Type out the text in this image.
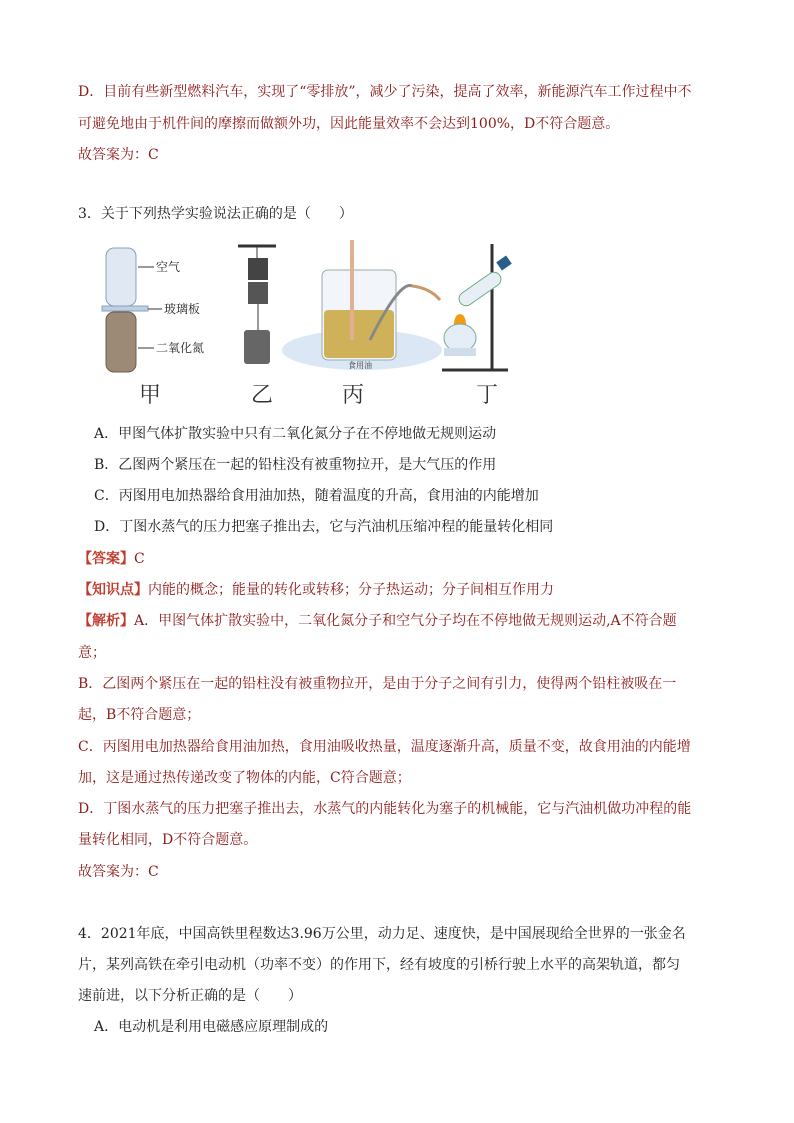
D．目前有些新型燃料汽车，实现了“零排放”，减少了污染，提高了效率，新能源汽车工作过程中不
可避免地由于机件间的摩擦而做额外功，因此能量效率不会达到100%，D不符合题意。
故答案为：C
3．关于下列热学实验说法正确的是（　　）
空气
玻璃板
二氧化氮
食用油
甲	乙	丙	丁
A．甲图气体扩散实验中只有二氧化氮分子在不停地做无规则运动
B．乙图两个紧压在一起的铅柱没有被重物拉开，是大气压的作用
C．丙图用电加热器给食用油加热，随着温度的升高，食用油的内能增加
D．丁图水蒸气的压力把塞子推出去，它与汽油机压缩冲程的能量转化相同
【答案】C
【知识点】内能的概念；能量的转化或转移；分子热运动；分子间相互作用力
【解析】A．甲图气体扩散实验中，二氧化氮分子和空气分子均在不停地做无规则运动,A不符合题
意；
B．乙图两个紧压在一起的铅柱没有被重物拉开，是由于分子之间有引力，使得两个铅柱被吸在一
起，B不符合题意；
C．丙图用电加热器给食用油加热，食用油吸收热量，温度逐渐升高，质量不变，故食用油的内能增
加，这是通过热传递改变了物体的内能，C符合题意；
D．丁图水蒸气的压力把塞子推出去，水蒸气的内能转化为塞子的机械能，它与汽油机做功冲程的能
量转化相同，D不符合题意。
故答案为：C
4．2021年底，中国高铁里程数达3.96万公里，动力足、速度快，是中国展现给全世界的一张金名
片，某列高铁在牵引电动机（功率不变）的作用下，经有坡度的引桥行驶上水平的高架轨道，都匀
速前进，以下分析正确的是（　　）
A．电动机是利用电磁感应原理制成的
